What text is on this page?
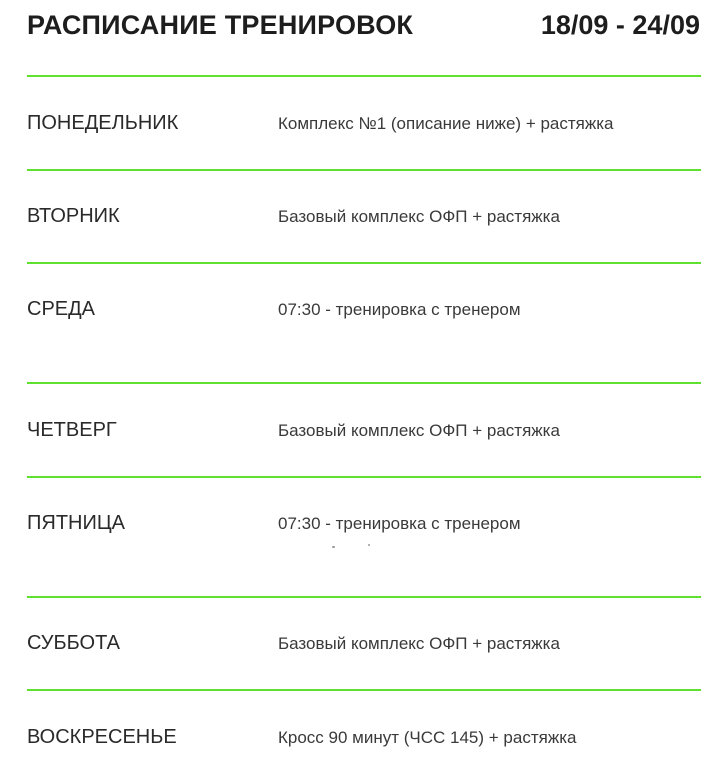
РАСПИСАНИЕ ТРЕНИРОВОК	18/09 - 24/09
ПОНЕДЕЛЬНИК	Комплекс №1 (описание ниже) + растяжка
ВТОРНИК	Базовый комплекс ОФП + растяжка
СРЕДА	07:30 - тренировка с тренером
ЧЕТВЕРГ	Базовый комплекс ОФП + растяжка
ПЯТНИЦА	07:30 - тренировка с тренером
СУББОТА	Базовый комплекс ОФП + растяжка
ВОСКРЕСЕНЬЕ	Кросс 90 минут (ЧСС 145) + растяжка
